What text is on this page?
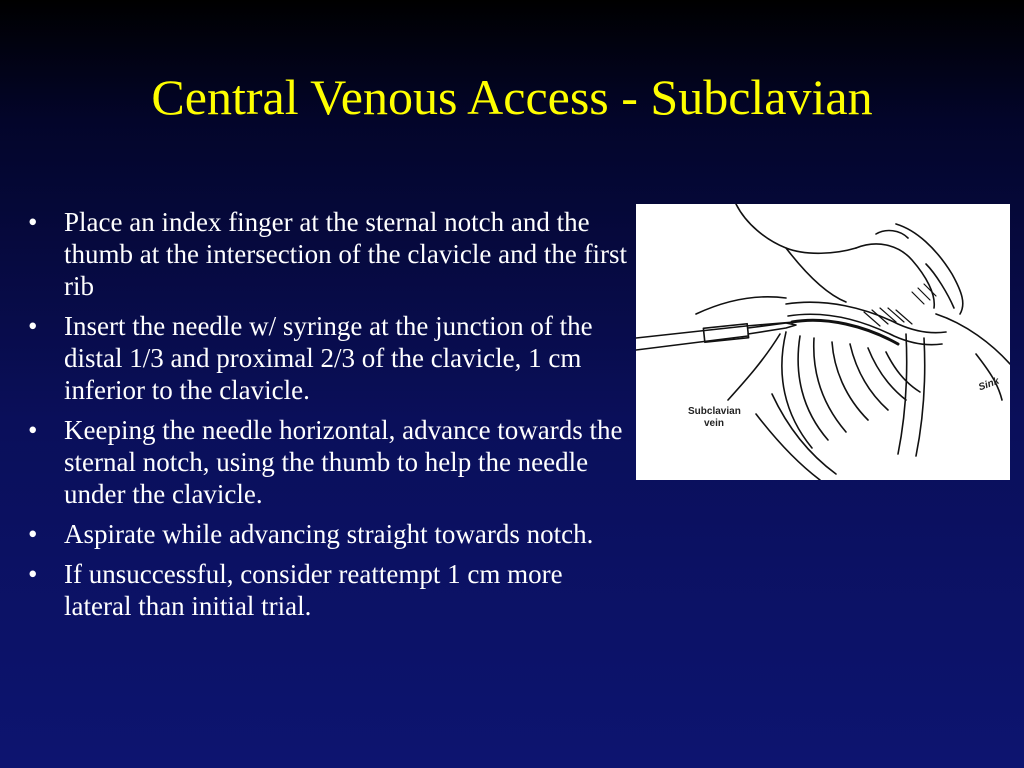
Central Venous Access - Subclavian
• Place an index finger at the sternal notch and the thumb at the intersection of the clavicle and the first rib
• Insert the needle w/ syringe at the junction of the distal 1/3 and proximal 2/3 of the clavicle, 1 cm inferior to the clavicle.
• Keeping the needle horizontal, advance towards the sternal notch, using the thumb to help the needle under the clavicle.
• Aspirate while advancing straight towards notch.
• If unsuccessful, consider reattempt 1 cm more lateral than initial trial.
Subclavian
vein
Sink
